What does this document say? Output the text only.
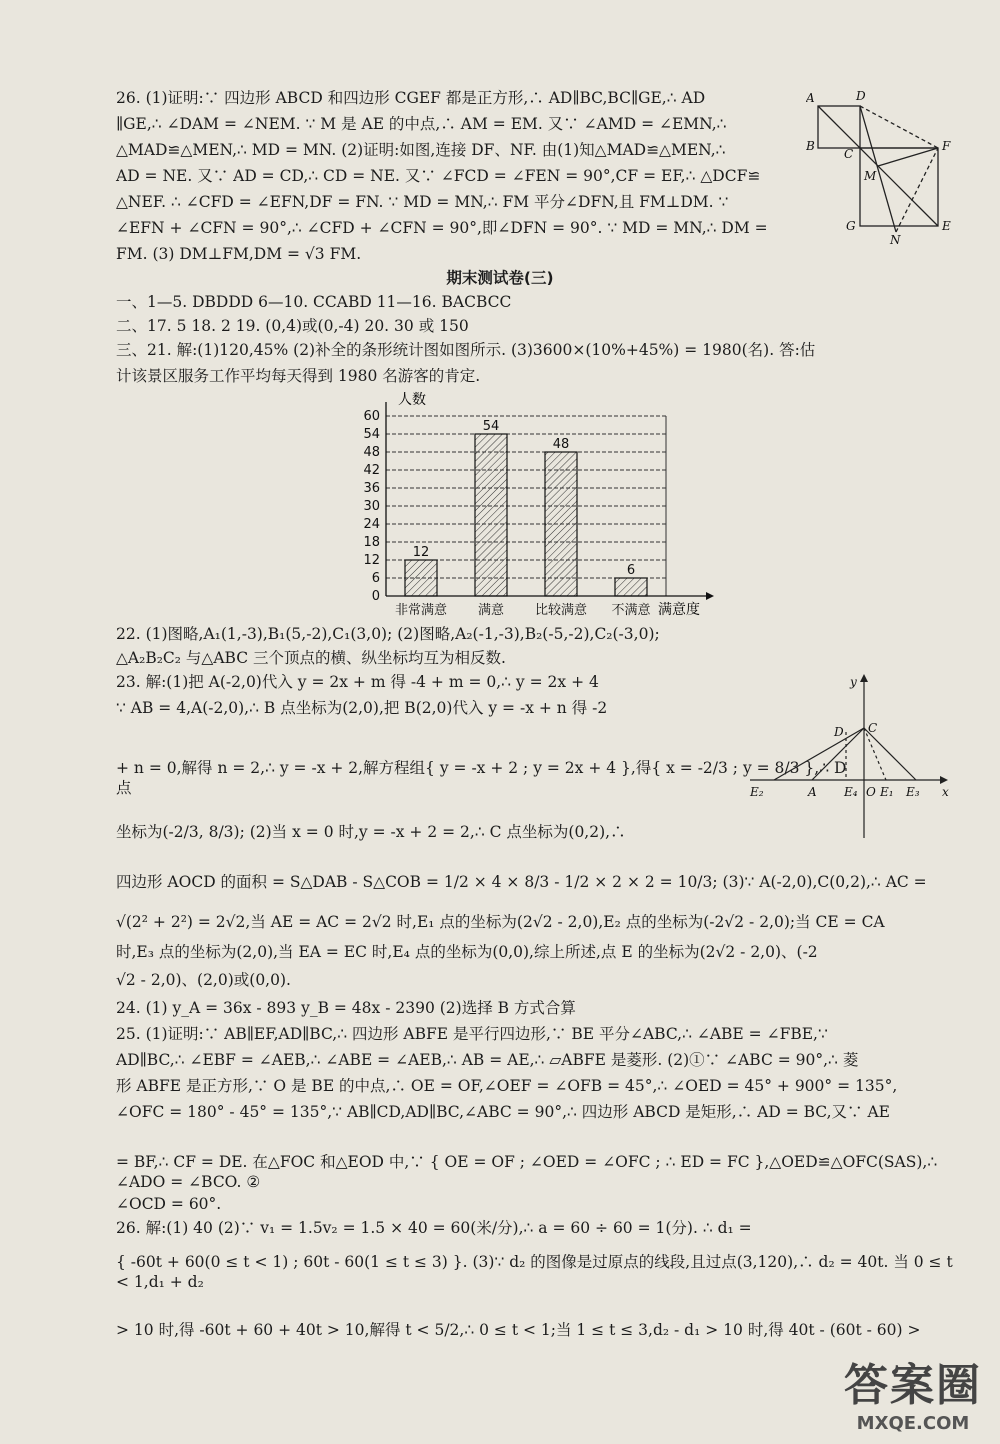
26. (1)证明:∵ 四边形 ABCD 和四边形 CGEF 都是正方形,∴ AD∥BC,BC∥GE,∴ AD
∥GE,∴ ∠DAM = ∠NEM. ∵ M 是 AE 的中点,∴ AM = EM. 又∵ ∠AMD = ∠EMN,∴
△MAD≌△MEN,∴ MD = MN. (2)证明:如图,连接 DF、NF. 由(1)知△MAD≌△MEN,∴
AD = NE. 又∵ AD = CD,∴ CD = NE. 又∵ ∠FCD = ∠FEN = 90°,CF = EF,∴ △DCF≌
△NEF. ∴ ∠CFD = ∠EFN,DF = FN. ∵ MD = MN,∴ FM 平分∠DFN,且 FM⊥DM. ∵
∠EFN + ∠CFN = 90°,∴ ∠CFD + ∠CFN = 90°,即∠DFN = 90°. ∵ MD = MN,∴ DM =
FM. (3) DM⊥FM,DM = √3 FM.
A	D
B
C
F
M
G
N
E
期末测试卷(三)
一、1—5. DBDDD 6—10. CCABD 11—16. BACBCC
二、17. 5 18. 2 19. (0,4)或(0,-4) 20. 30 或 150
三、21. 解:(1)120,45% (2)补全的条形统计图如图所示. (3)3600×(10%+45%) = 1980(名). 答:估
计该景区服务工作平均每天得到 1980 名游客的肯定.
0
6
12
18
24
30
36
42
48
54
60
12
非常满意
54
满意
48
比较满意
6
不满意
人数
满意度
22. (1)图略,A₁(1,-3),B₁(5,-2),C₁(3,0); (2)图略,A₂(-1,-3),B₂(-5,-2),C₂(-3,0);
△A₂B₂C₂ 与△ABC 三个顶点的横、纵坐标均互为相反数.
23. 解:(1)把 A(-2,0)代入 y = 2x + m 得 -4 + m = 0,∴ y = 2x + 4
∵ AB = 4,A(-2,0),∴ B 点坐标为(2,0),把 B(2,0)代入 y = -x + n 得 -2
+ n = 0,解得 n = 2,∴ y = -x + 2,解方程组{ y = -x + 2 ; y = 2x + 4 },得{ x = -2/3 ; y = 8/3 },∴ D 点
坐标为(-2/3, 8/3); (2)当 x = 0 时,y = -x + 2 = 2,∴ C 点坐标为(0,2),∴
四边形 AOCD 的面积 = S△DAB - S△COB = 1/2 × 4 × 8/3 - 1/2 × 2 × 2 = 10/3; (3)∵ A(-2,0),C(0,2),∴ AC =
√(2² + 2²) = 2√2,当 AE = AC = 2√2 时,E₁ 点的坐标为(2√2 - 2,0),E₂ 点的坐标为(-2√2 - 2,0);当 CE = CA
时,E₃ 点的坐标为(2,0),当 EA = EC 时,E₄ 点的坐标为(0,0),综上所述,点 E 的坐标为(2√2 - 2,0)、(-2
√2 - 2,0)、(2,0)或(0,0).
y
C
D
E₂	A E₄ O E₁ E₃ x
24. (1) y_A = 36x - 893 y_B = 48x - 2390 (2)选择 B 方式合算
25. (1)证明:∵ AB∥EF,AD∥BC,∴ 四边形 ABFE 是平行四边形,∵ BE 平分∠ABC,∴ ∠ABE = ∠FBE,∵
AD∥BC,∴ ∠EBF = ∠AEB,∴ ∠ABE = ∠AEB,∴ AB = AE,∴ ▱ABFE 是菱形. (2)①∵ ∠ABC = 90°,∴ 菱
形 ABFE 是正方形,∵ O 是 BE 的中点,∴ OE = OF,∠OEF = ∠OFB = 45°,∴ ∠OED = 45° + 900° = 135°,
∠OFC = 180° - 45° = 135°,∵ AB∥CD,AD∥BC,∠ABC = 90°,∴ 四边形 ABCD 是矩形,∴ AD = BC,又∵ AE
= BF,∴ CF = DE. 在△FOC 和△EOD 中,∵ { OE = OF ; ∠OED = ∠OFC ; ∴ ED = FC },△OED≌△OFC(SAS),∴ ∠ADO = ∠BCO. ②
∠OCD = 60°.
26. 解:(1) 40 (2)∵ v₁ = 1.5v₂ = 1.5 × 40 = 60(米/分),∴ a = 60 ÷ 60 = 1(分). ∴ d₁ =
{ -60t + 60(0 ≤ t < 1) ; 60t - 60(1 ≤ t ≤ 3) }. (3)∵ d₂ 的图像是过原点的线段,且过点(3,120),∴ d₂ = 40t. 当 0 ≤ t < 1,d₁ + d₂
> 10 时,得 -60t + 60 + 40t > 10,解得 t < 5/2,∴ 0 ≤ t < 1;当 1 ≤ t ≤ 3,d₂ - d₁ > 10 时,得 40t - (60t - 60) >
答案圈
MXQE.COM
